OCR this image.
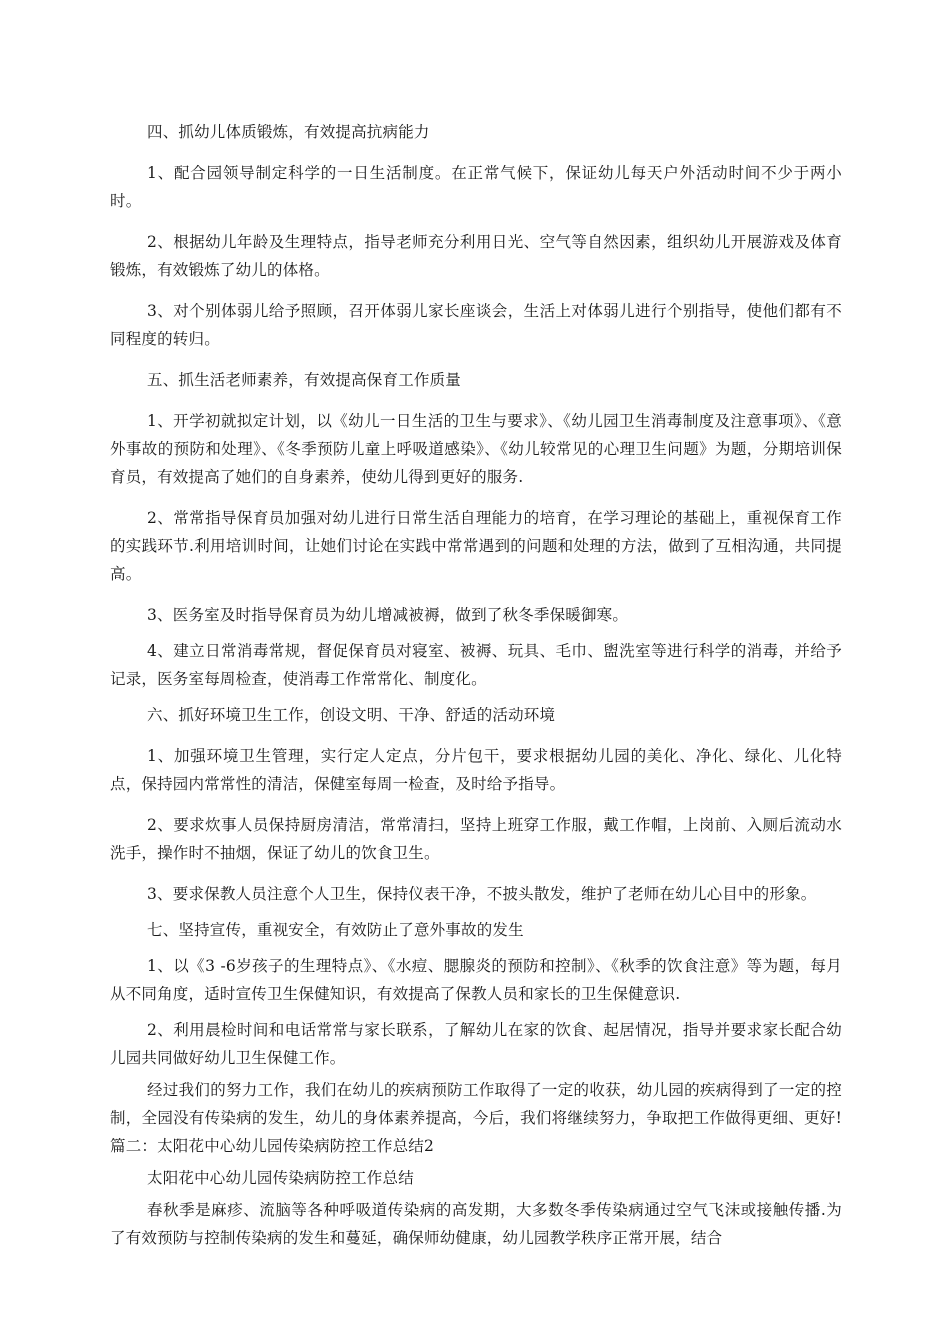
四、抓幼儿体质锻炼，有效提高抗病能力

1、配合园领导制定科学的一日生活制度。在正常气候下，保证幼儿每天户外活动时间不少于两小时。

2、根据幼儿年龄及生理特点，指导老师充分利用日光、空气等自然因素，组织幼儿开展游戏及体育锻炼，有效锻炼了幼儿的体格。

3、对个别体弱儿给予照顾，召开体弱儿家长座谈会，生活上对体弱儿进行个别指导，使他们都有不同程度的转归。

五、抓生活老师素养，有效提高保育工作质量

1、开学初就拟定计划，以《幼儿一日生活的卫生与要求》、《幼儿园卫生消毒制度及注意事项》、《意外事故的预防和处理》、《冬季预防儿童上呼吸道感染》、《幼儿较常见的心理卫生问题》为题，分期培训保育员，有效提高了她们的自身素养，使幼儿得到更好的服务.

2、常常指导保育员加强对幼儿进行日常生活自理能力的培育，在学习理论的基础上，重视保育工作的实践环节.利用培训时间，让她们讨论在实践中常常遇到的问题和处理的方法，做到了互相沟通，共同提高。

3、医务室及时指导保育员为幼儿增减被褥，做到了秋冬季保暖御寒。

4、建立日常消毒常规，督促保育员对寝室、被褥、玩具、毛巾、盥洗室等进行科学的消毒，并给予记录，医务室每周检查，使消毒工作常常化、制度化。

六、抓好环境卫生工作，创设文明、干净、舒适的活动环境

1、加强环境卫生管理，实行定人定点，分片包干，要求根据幼儿园的美化、净化、绿化、儿化特点，保持园内常常性的清洁，保健室每周一检查，及时给予指导。

2、要求炊事人员保持厨房清洁，常常清扫，坚持上班穿工作服，戴工作帽，上岗前、入厕后流动水洗手，操作时不抽烟，保证了幼儿的饮食卫生。

3、要求保教人员注意个人卫生，保持仪表干净，不披头散发，维护了老师在幼儿心目中的形象。

七、坚持宣传，重视安全，有效防止了意外事故的发生

1、以《3 -6岁孩子的生理特点》、《水痘、腮腺炎的预防和控制》、《秋季的饮食注意》等为题，每月从不同角度，适时宣传卫生保健知识，有效提高了保教人员和家长的卫生保健意识.

2、利用晨检时间和电话常常与家长联系，了解幼儿在家的饮食、起居情况，指导并要求家长配合幼儿园共同做好幼儿卫生保健工作。

经过我们的努力工作，我们在幼儿的疾病预防工作取得了一定的收获，幼儿园的疾病得到了一定的控制，全园没有传染病的发生，幼儿的身体素养提高，今后，我们将继续努力，争取把工作做得更细、更好!篇二：太阳花中心幼儿园传染病防控工作总结2

太阳花中心幼儿园传染病防控工作总结

春秋季是麻疹、流脑等各种呼吸道传染病的高发期，大多数冬季传染病通过空气飞沫或接触传播.为了有效预防与控制传染病的发生和蔓延，确保师幼健康，幼儿园教学秩序正常开展，结合
